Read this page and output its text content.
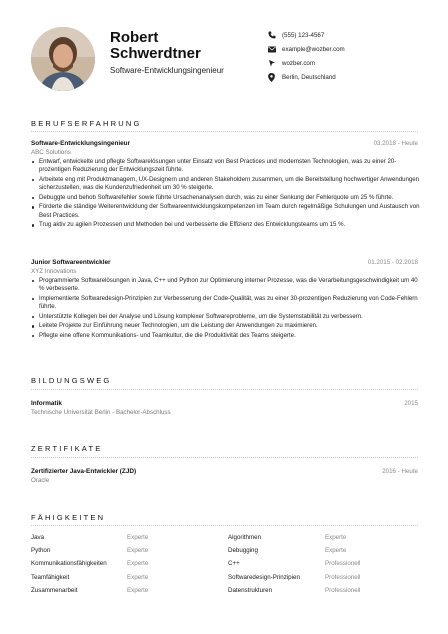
Robert Schwerdtner
Software-Entwicklungsingenieur
(555) 123-4567
example@wozber.com
wozber.com
Berlin, Deutschland
BERUFSERFAHRUNG
Software-Entwicklungsingenieur	03.2018 - Heute
ABC Solutions
Entwarf, entwickelte und pflegte Softwarelösungen unter Einsatz von Best Practices und modernsten Technologien, was zu einer 20-prozentigen Reduzierung der Entwicklungszeit führte.
Arbeitete eng mit Produktmanagern, UX-Designern und anderen Stakeholdern zusammen, um die Bereitstellung hochwertiger Anwendungen sicherzustellen, was die Kundenzufriedenheit um 30 % steigerte.
Debuggte und behob Softwarefehler sowie führte Ursachenanalysen durch, was zu einer Senkung der Fehlerquote um 25 % führte.
Förderte die ständige Weiterentwicklung der Softwareentwicklungskompetenzen im Team durch regelmäßige Schulungen und Austausch von Best Practices.
Trug aktiv zu agilen Prozessen und Methoden bei und verbesserte die Effizienz des Entwicklungsteams um 15 %.
Junior Softwareentwickler	01.2015 - 02.2018
XYZ Innovations
Programmierte Softwarelösungen in Java, C++ und Python zur Optimierung interner Prozesse, was die Verarbeitungsgeschwindigkeit um 40 % verbesserte.
Implementierte Softwaredesign-Prinzipien zur Verbesserung der Code-Qualität, was zu einer 30-prozentigen Reduzierung von Code-Fehlern führte.
Unterstützte Kollegen bei der Analyse und Lösung komplexer Softwareprobleme, um die Systemstabilität zu verbessern.
Leitete Projekte zur Einführung neuer Technologien, um die Leistung der Anwendungen zu maximieren.
Pflegte eine offene Kommunikations- und Teamkultur, die die Produktivität des Teams steigerte.
BILDUNGSWEG
Informatik	2015
Technische Universität Berlin - Bachelor-Abschluss
ZERTIFIKATE
Zertifizierter Java-Entwickler (ZJD)	2016 - Heute
Oracle
FÄHIGKEITEN
Java	Experte	Algorithmen	Experte
Python	Experte	Debugging	Experte
Kommunikationsfähigkeiten	Experte	C++	Professionell
Teamfähigkeit	Experte	Softwaredesign-Prinzipien	Professionell
Zusammenarbeit	Experte	Datenstrukturen	Professionell
